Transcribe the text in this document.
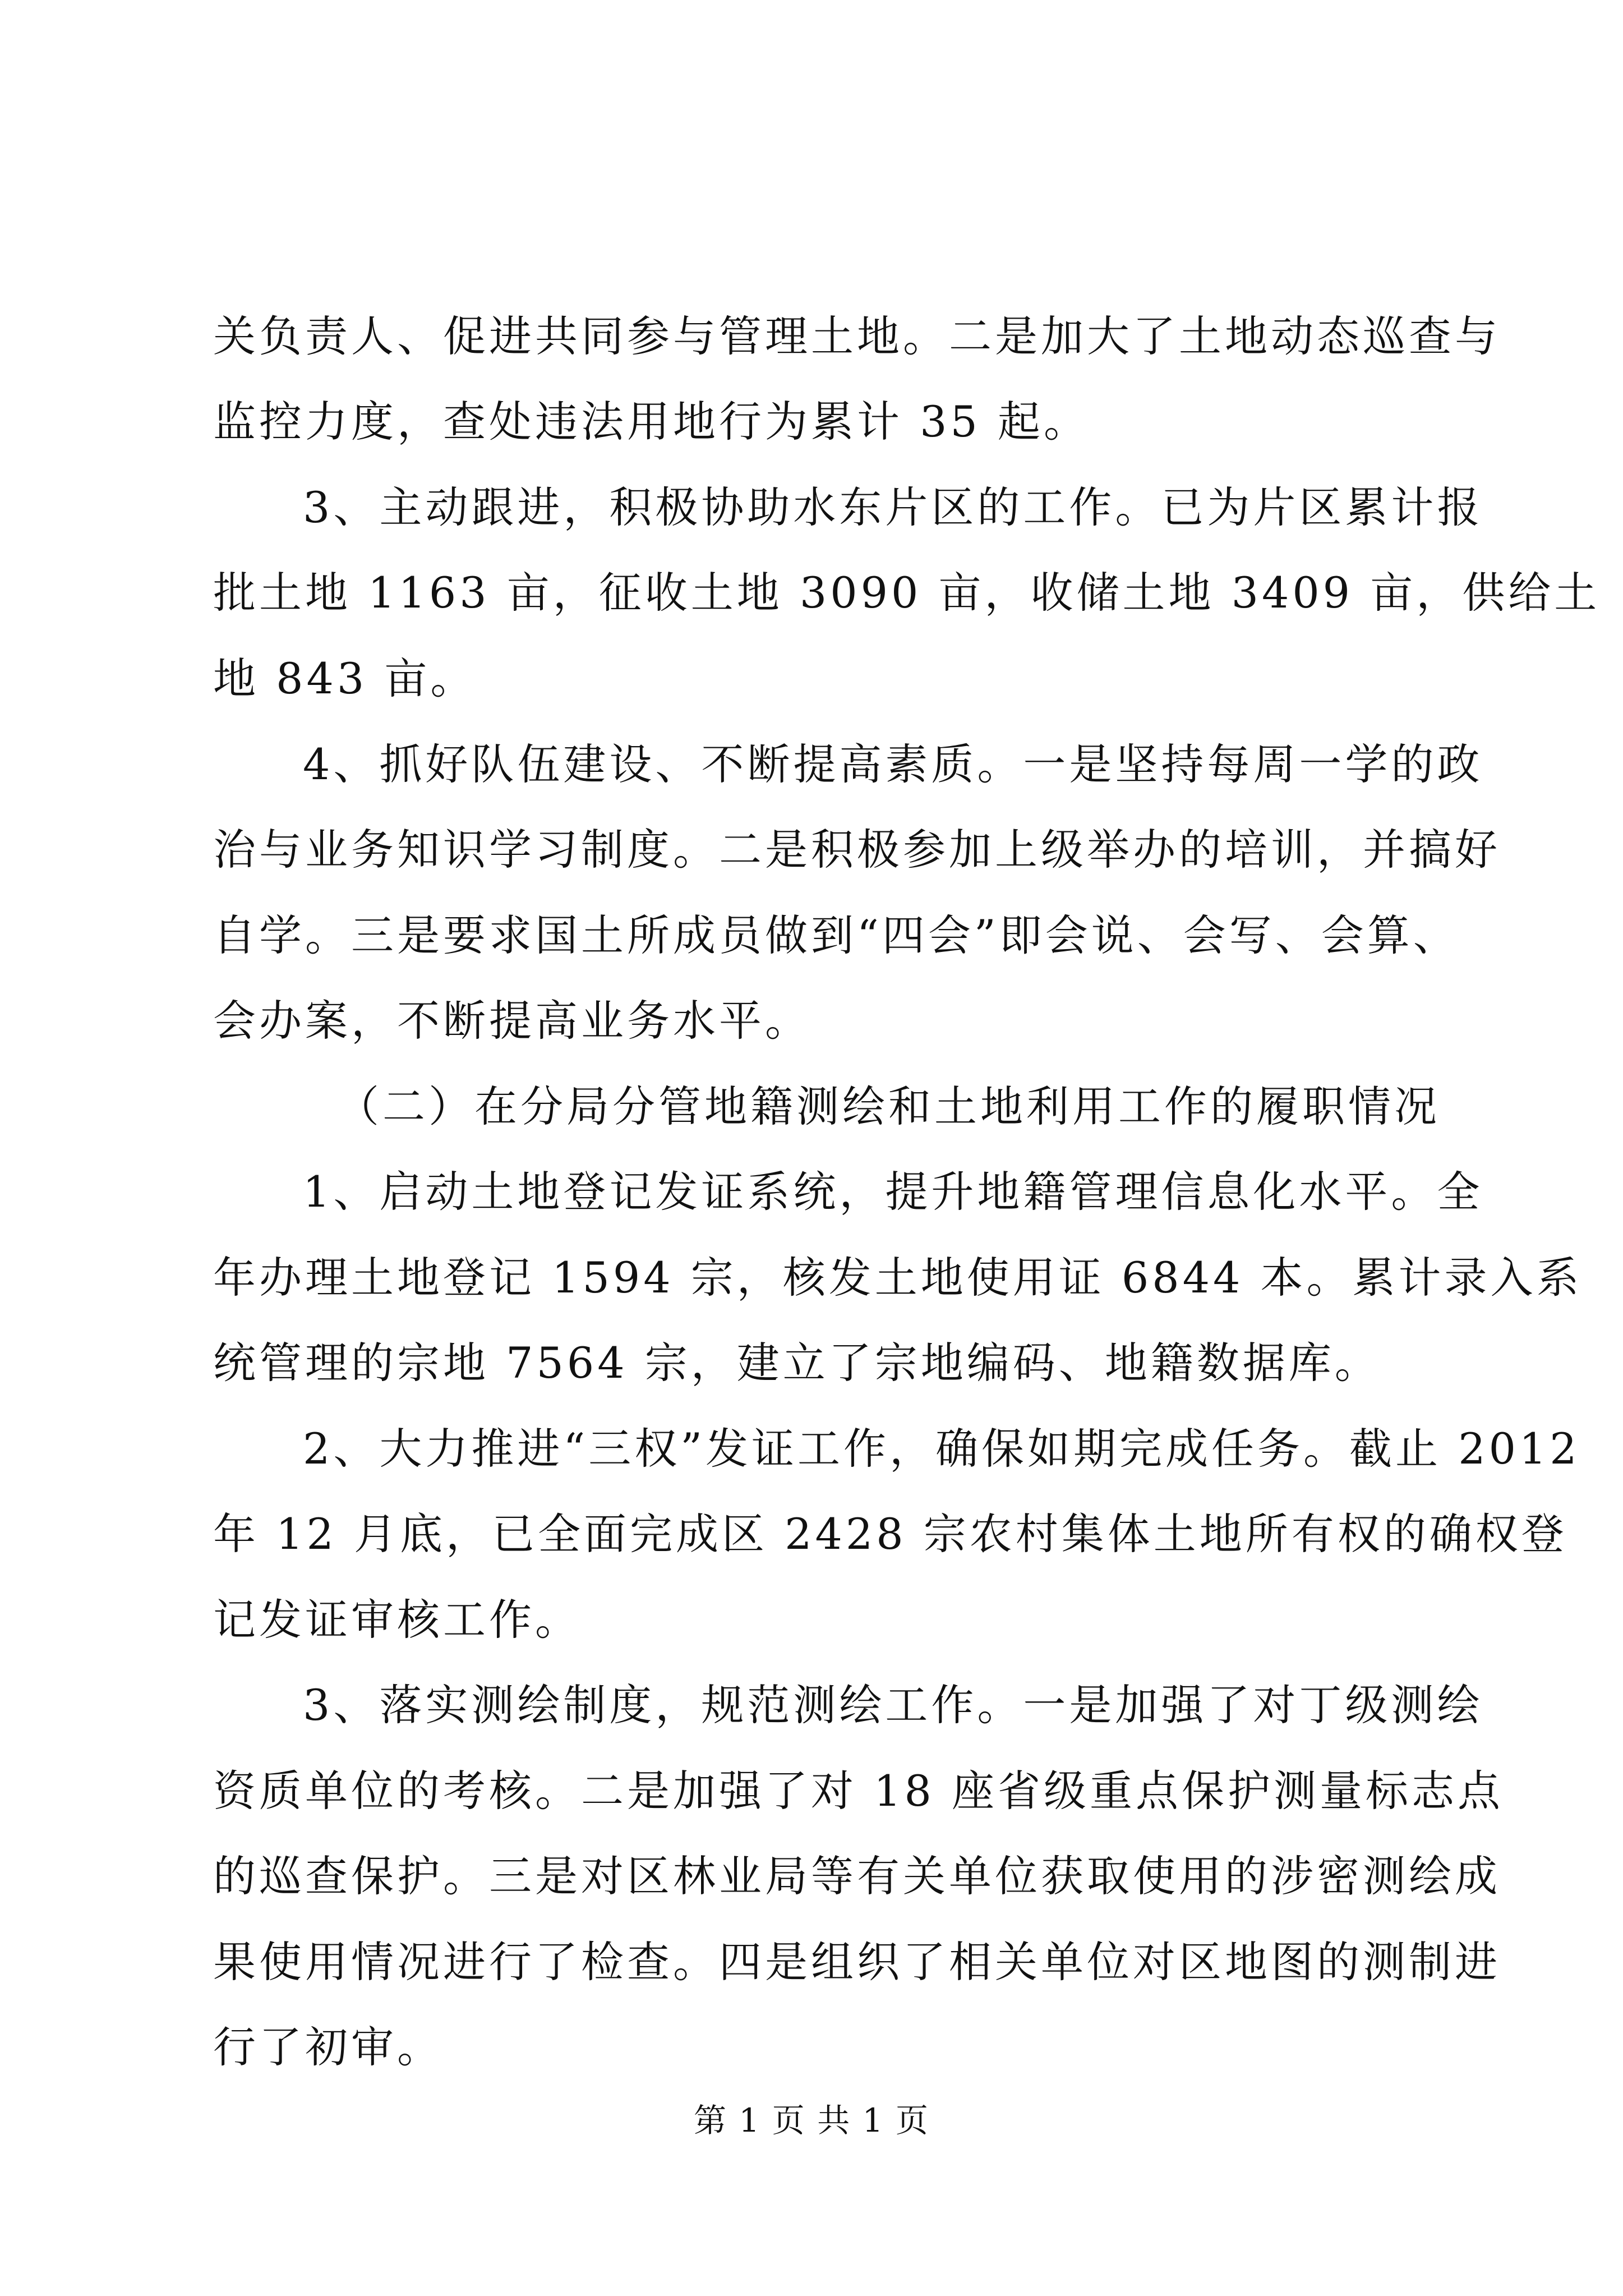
关负责人、促进共同参与管理土地。二是加大了土地动态巡查与
监控力度，查处违法用地行为累计 35 起。
3、主动跟进，积极协助水东片区的工作。已为片区累计报
批土地 1163 亩，征收土地 3090 亩，收储土地 3409 亩，供给土
地 843 亩。
4、抓好队伍建设、不断提高素质。一是坚持每周一学的政
治与业务知识学习制度。二是积极参加上级举办的培训，并搞好
自学。三是要求国土所成员做到“四会”即会说、会写、会算、
会办案，不断提高业务水平。
（二）在分局分管地籍测绘和土地利用工作的履职情况
1、启动土地登记发证系统，提升地籍管理信息化水平。全
年办理土地登记 1594 宗，核发土地使用证 6844 本。累计录入系
统管理的宗地 7564 宗，建立了宗地编码、地籍数据库。
2、大力推进“三权”发证工作，确保如期完成任务。截止 2012
年 12 月底，已全面完成区 2428 宗农村集体土地所有权的确权登
记发证审核工作。
3、落实测绘制度，规范测绘工作。一是加强了对丁级测绘
资质单位的考核。二是加强了对 18 座省级重点保护测量标志点
的巡查保护。三是对区林业局等有关单位获取使用的涉密测绘成
果使用情况进行了检查。四是组织了相关单位对区地图的测制进
行了初审。
第 1 页 共 1 页
